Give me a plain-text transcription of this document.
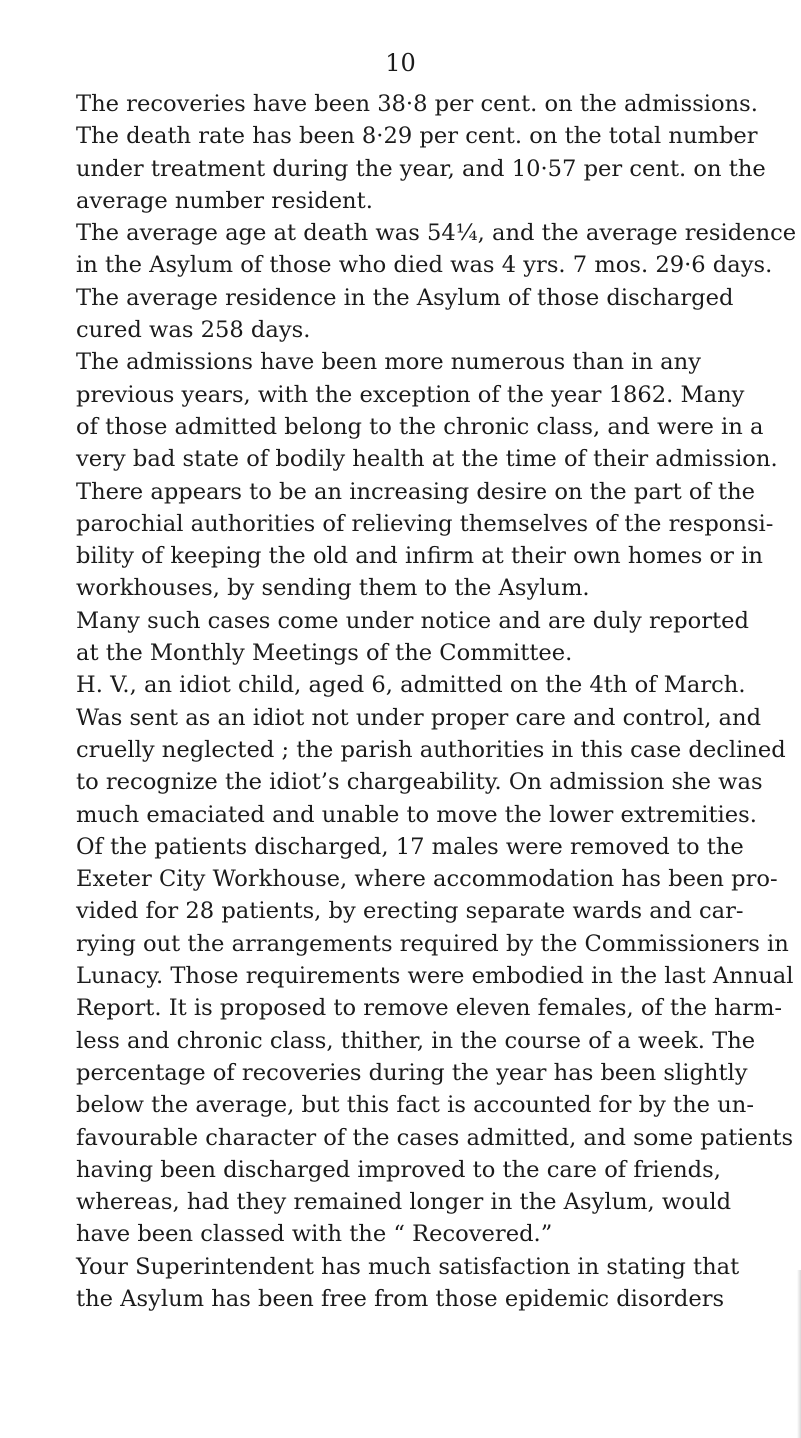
10
The recoveries have been 38·8 per cent. on the admissions.
The death rate has been 8·29 per cent. on the total number
under treatment during the year, and 10·57 per cent. on the
average number resident.
The average age at death was 54¼, and the average residence
in the Asylum of those who died was 4 yrs. 7 mos. 29·6 days.
The average residence in the Asylum of those discharged
cured was 258 days.
The admissions have been more numerous than in any
previous years, with the exception of the year 1862. Many
of those admitted belong to the chronic class, and were in a
very bad state of bodily health at the time of their admission.
There appears to be an increasing desire on the part of the
parochial authorities of relieving themselves of the responsi-
bility of keeping the old and infirm at their own homes or in
workhouses, by sending them to the Asylum.
Many such cases come under notice and are duly reported
at the Monthly Meetings of the Committee.
H. V., an idiot child, aged 6, admitted on the 4th of March.
Was sent as an idiot not under proper care and control, and
cruelly neglected ; the parish authorities in this case declined
to recognize the idiot’s chargeability. On admission she was
much emaciated and unable to move the lower extremities.
Of the patients discharged, 17 males were removed to the
Exeter City Workhouse, where accommodation has been pro-
vided for 28 patients, by erecting separate wards and car-
rying out the arrangements required by the Commissioners in
Lunacy. Those requirements were embodied in the last Annual
Report. It is proposed to remove eleven females, of the harm-
less and chronic class, thither, in the course of a week. The
percentage of recoveries during the year has been slightly
below the average, but this fact is accounted for by the un-
favourable character of the cases admitted, and some patients
having been discharged improved to the care of friends,
whereas, had they remained longer in the Asylum, would
have been classed with the “ Recovered.”
Your Superintendent has much satisfaction in stating that
the Asylum has been free from those epidemic disorders
